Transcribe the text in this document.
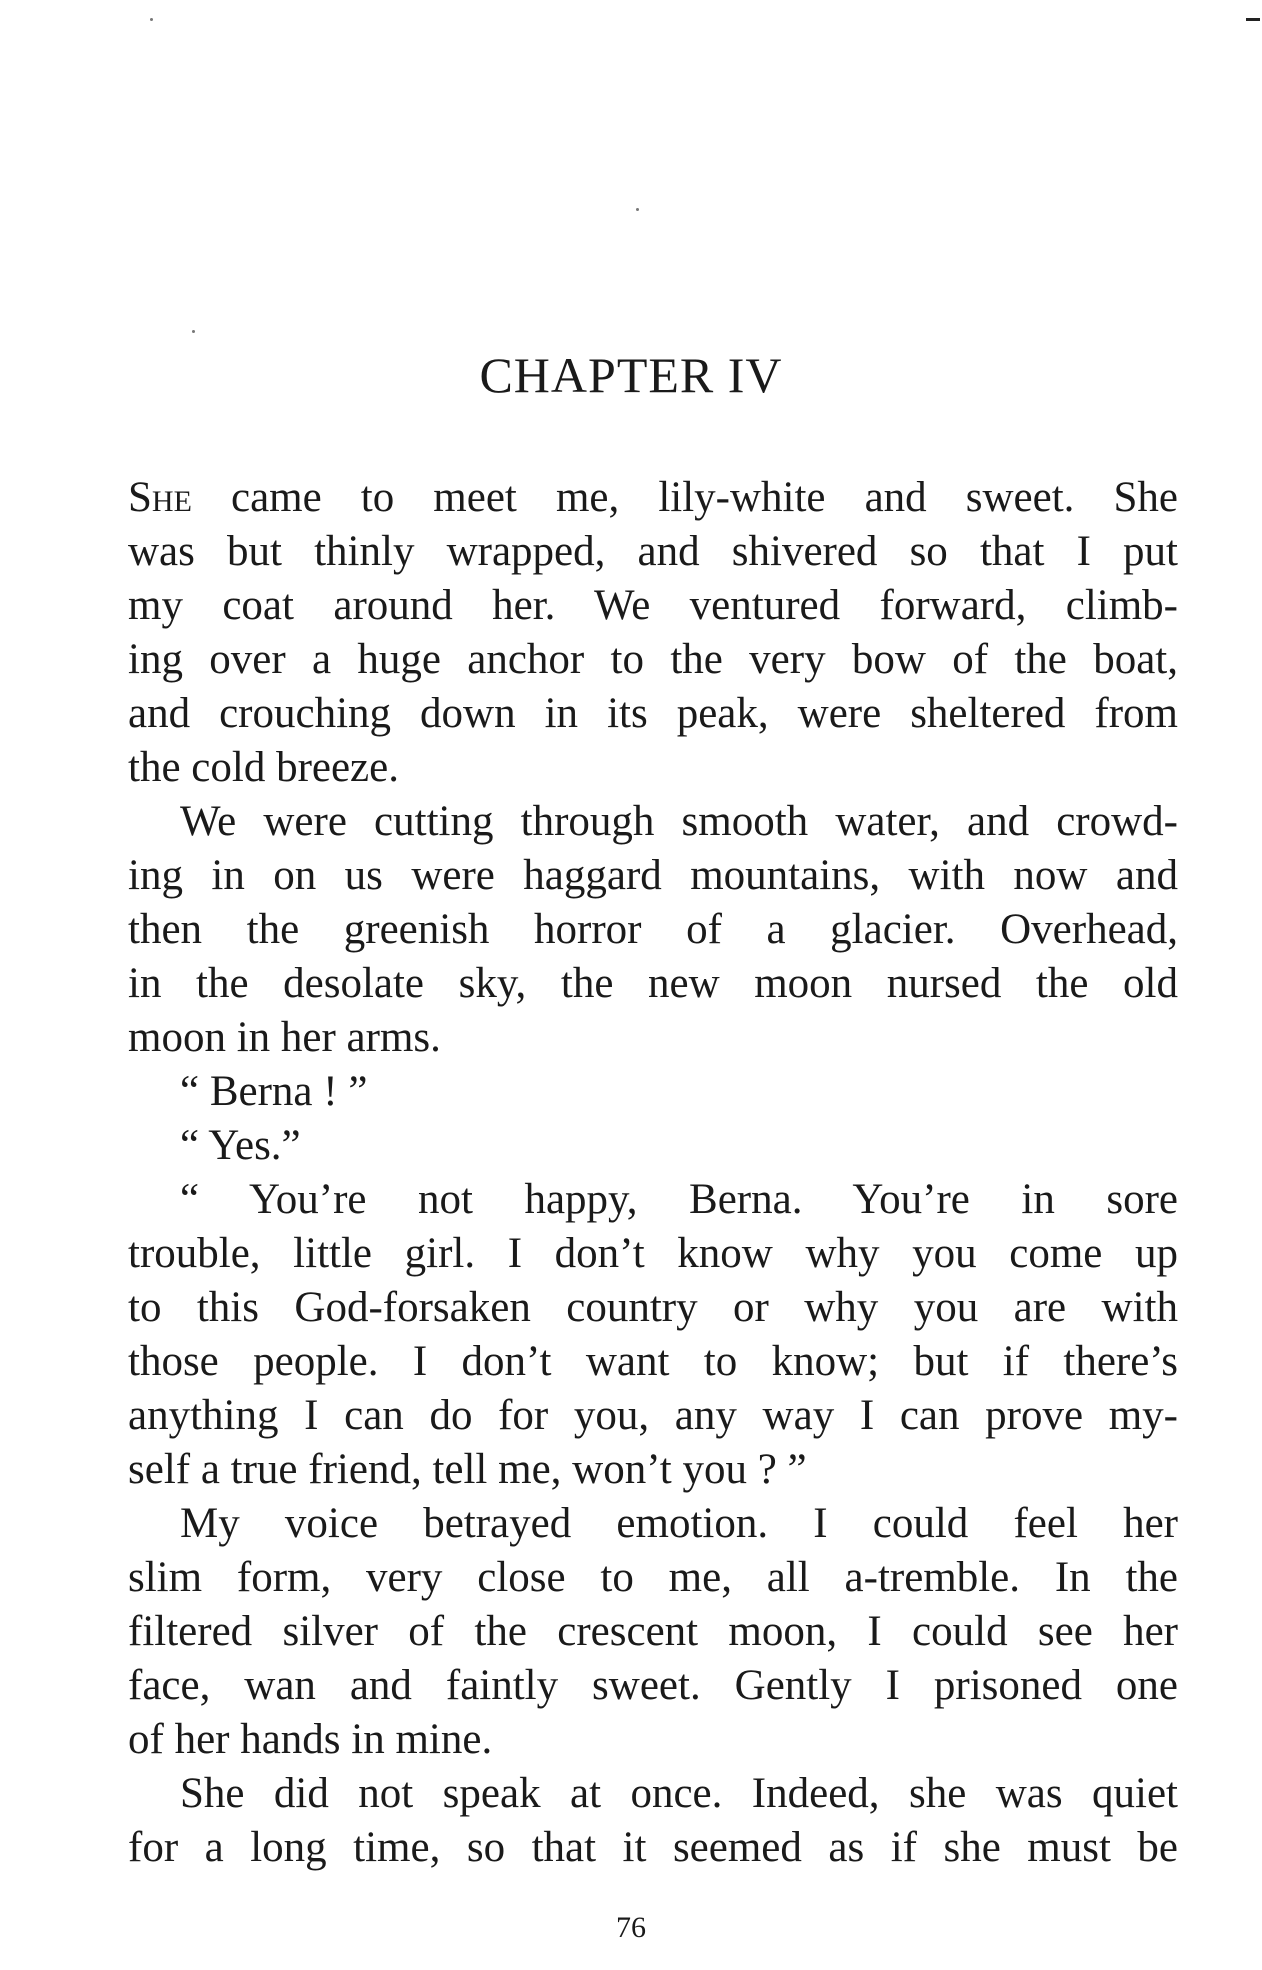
CHAPTER IV
She came to meet me, lily-white and sweet. She
was but thinly wrapped, and shivered so that I put
my coat around her. We ventured forward, climb-
ing over a huge anchor to the very bow of the boat,
and crouching down in its peak, were sheltered from
the cold breeze.
We were cutting through smooth water, and crowd-
ing in on us were haggard mountains, with now and
then the greenish horror of a glacier. Overhead,
in the desolate sky, the new moon nursed the old
moon in her arms.
“ Berna ! ”
“ Yes.”
“ You’re not happy, Berna. You’re in sore
trouble, little girl. I don’t know why you come up
to this God-forsaken country or why you are with
those people. I don’t want to know; but if there’s
anything I can do for you, any way I can prove my-
self a true friend, tell me, won’t you ? ”
My voice betrayed emotion. I could feel her
slim form, very close to me, all a-tremble. In the
filtered silver of the crescent moon, I could see her
face, wan and faintly sweet. Gently I prisoned one
of her hands in mine.
She did not speak at once. Indeed, she was quiet
for a long time, so that it seemed as if she must be
76
